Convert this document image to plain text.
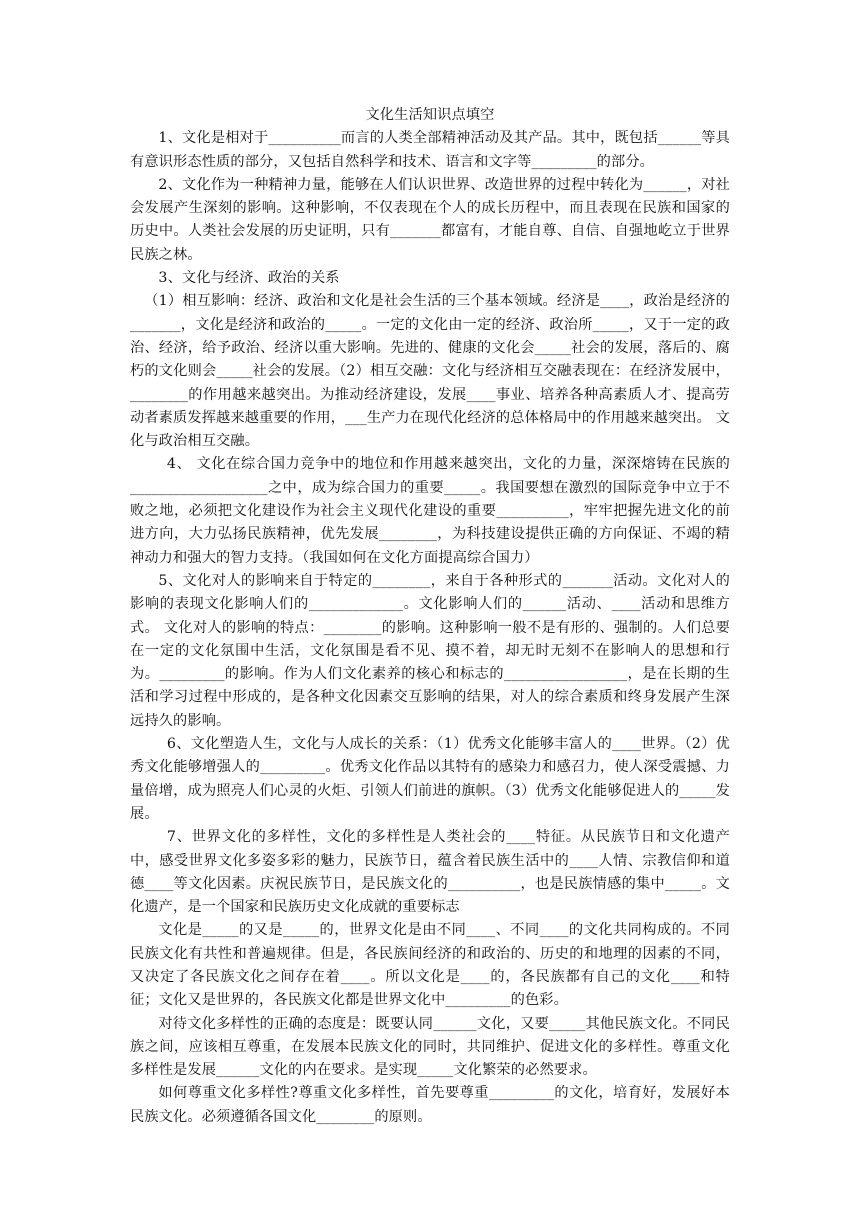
文化生活知识点填空

1、文化是相对于__________而言的人类全部精神活动及其产品。其中，既包括______等具有意识形态性质的部分，又包括自然科学和技术、语言和文字等_________的部分。

2、文化作为一种精神力量，能够在人们认识世界、改造世界的过程中转化为______，对社会发展产生深刻的影响。这种影响，不仅表现在个人的成长历程中，而且表现在民族和国家的历史中。人类社会发展的历史证明，只有_______都富有，才能自尊、自信、自强地屹立于世界民族之林。

3、文化与经济、政治的关系

（1）相互影响：经济、政治和文化是社会生活的三个基本领域。经济是____，政治是经济的_______，文化是经济和政治的_____。一定的文化由一定的经济、政治所_____，又于一定的政治、经济，给予政治、经济以重大影响。先进的、健康的文化会_____社会的发展，落后的、腐朽的文化则会_____社会的发展。（2）相互交融：文化与经济相互交融表现在：在经济发展中，________的作用越来越突出。为推动经济建设，发展____事业、培养各种高素质人才、提高劳动者素质发挥越来越重要的作用，___生产力在现代化经济的总体格局中的作用越来越突出。 文化与政治相互交融。

4、 文化在综合国力竞争中的地位和作用越来越突出，文化的力量，深深熔铸在民族的___________________之中，成为综合国力的重要_____。我国要想在激烈的国际竞争中立于不败之地，必须把文化建设作为社会主义现代化建设的重要__________，牢牢把握先进文化的前进方向，大力弘扬民族精神，优先发展________，为科技建设提供正确的方向保证、不竭的精神动力和强大的智力支持。（我国如何在文化方面提高综合国力）

5、文化对人的影响来自于特定的________，来自于各种形式的_______活动。文化对人的影响的表现文化影响人们的_____________。文化影响人们的______活动、____活动和思维方式。 文化对人的影响的特点：________的影响。这种影响一般不是有形的、强制的。人们总要在一定的文化氛围中生活，文化氛围是看不见、摸不着，却无时无刻不在影响人的思想和行为。_________的影响。作为人们文化素养的核心和标志的_________________，是在长期的生活和学习过程中形成的，是各种文化因素交互影响的结果，对人的综合素质和终身发展产生深远持久的影响。

6、文化塑造人生，文化与人成长的关系：（1）优秀文化能够丰富人的____世界。（2）优秀文化能够增强人的_________。优秀文化作品以其特有的感染力和感召力，使人深受震撼、力量倍增，成为照亮人们心灵的火炬、引领人们前进的旗帜。（3）优秀文化能够促进人的_____发展。

7、世界文化的多样性，文化的多样性是人类社会的____特征。从民族节日和文化遗产中，感受世界文化多姿多彩的魅力，民族节日，蕴含着民族生活中的____人情、宗教信仰和道德____等文化因素。庆祝民族节日，是民族文化的__________，也是民族情感的集中_____。文化遗产，是一个国家和民族历史文化成就的重要标志

文化是_____的又是_____的，世界文化是由不同____、不同____的文化共同构成的。不同民族文化有共性和普遍规律。但是，各民族间经济的和政治的、历史的和地理的因素的不同，又决定了各民族文化之间存在着____。所以文化是____的，各民族都有自己的文化____和特征；文化又是世界的，各民族文化都是世界文化中_________的色彩。

对待文化多样性的正确的态度是：既要认同______文化，又要_____其他民族文化。不同民族之间，应该相互尊重，在发展本民族文化的同时，共同维护、促进文化的多样性。尊重文化多样性是发展______文化的内在要求。是实现_____文化繁荣的必然要求。

如何尊重文化多样性?尊重文化多样性，首先要尊重_________的文化，培育好，发展好本民族文化。必须遵循各国文化________的原则。
